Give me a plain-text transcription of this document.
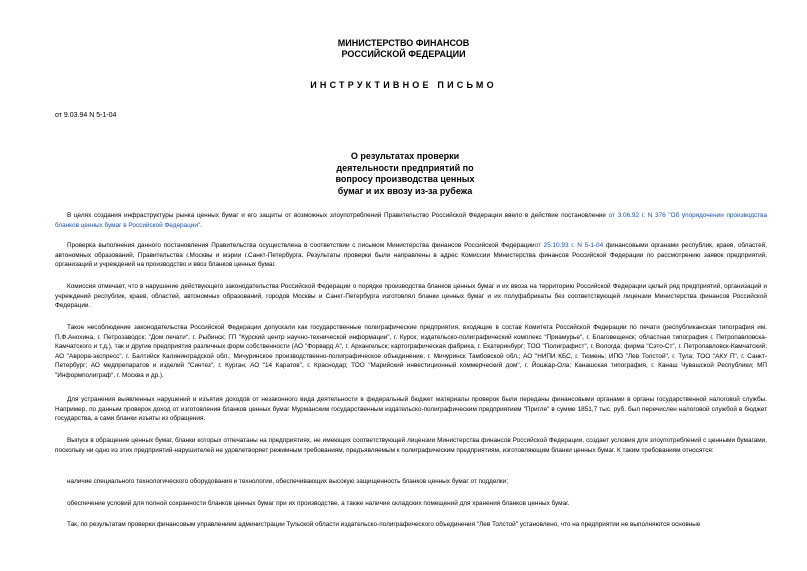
МИНИСТЕРСТВО ФИНАНСОВ
РОССИЙСКОЙ ФЕДЕРАЦИИ
ИНСТРУКТИВНОЕ ПИСЬМО
от 9.03.94 N 5-1-04
О результатах проверки
деятельности предприятий по
вопросу производства ценных
бумаг и их ввозу из-за рубежа
В целях создания инфраструктуры рынка ценных бумаг и его защиты от возможных злоупотреблений Правительство Российской Федерации ввело в действие постановление от 3.06.92 г. N 376 "Об упорядочении производства бланков ценных бумаг в Российской Федерации".
Проверка выполнения данного постановления Правительства осуществлена в соответствии с письмом Министерства финансов Российской Федерацииот 25.10.93 г. N 5-1-04 финансовыми органами республик, краев, областей, автономных образований, Правительства г.Москвы и мэрии г.Санкт-Петербурга. Результаты проверки были направлены в адрес Комиссии Министерства финансов Российской Федерации по рассмотрению заявок предприятий, организаций и учреждений на производство и ввоз бланков ценных бумаг.
Комиссия отмечает, что в нарушение действующего законодательства Российской Федерации о порядке производства бланков ценных бумаг и их ввоза на территорию Российской Федерации целый ряд предприятий, организаций и учреждений республик, краев, областей, автономных образований, городов Москвы и Санкт-Петербурга изготовлял бланки ценных бумаг и их полуфабрикаты без соответствующей лицензии Министерства финансов Российской Федерации.
Такое несоблюдение законодательства Российской Федерации допускали как государственные полиграфические предприятия, входящие в состав Комитета Российской Федерации по печати (республиканская типография им. П.Ф.Анохина, г. Петрозаводск; "Дом печати", г. Рыбинск; ГП "Курский центр научно-технической информации", г. Курск; издательско-полиграфический комплекс "Приамурье", г. Благовещенск; областная типография г. Петропавловска-Камчатского и т.д.), так и другие предприятия различных форм собственности (АО "Форвард А", г. Архангельск; картографическая фабрика, г. Екатеринбург; ТОО "Полиграфист", г. Вологда; фирма "Сэто-Ст", г. Петропавловск-Камчатский; АО "Аврора-экспресс", г. Балтийск Калининградской обл.; Мичуринское производственно-полиграфическое объединение, г. Мичуринск Тамбовской обл.; АО "НИПИ КБС, г. Тюмень; ИПО "Лев Толстой", г. Тула; ТОО "АКУ П", г. Санкт-Петербург; АО медпрепаратов и изделий "Синтез", г. Курган; АО "14 Каратов", г. Краснодар; ТОО "Марийский инвестиционный коммерческий дом", г. Йошкар-Ола; Канашская типография, г. Канаш Чувашской Республики; МП "Информполиграф", г. Москва и др.).
Для устранения выявленных нарушений и изъятия доходов от незаконного вида деятельности в федеральный бюджет материалы проверок были переданы финансовыми органами в органы государственной налоговой службы. Например, по данным проверок доход от изготовления бланков ценных бумаг Мурманским государственным издательско-полиграфическим предприятием "Пригле" в сумме 1851,7 тыс. руб. был перечислен налоговой службой в бюджет государства, а сами бланки изъяты из обращения.
Выпуск в обращение ценных бумаг, бланки которых отпечатаны на предприятиях, не имеющих соответствующей лицензии Министерства финансов Российской Федерации, создает условия для злоупотреблений с ценными бумагами, поскольку ни одно из этих предприятий-нарушителей не удовлетворяет режимным требованиям, предъявляемым к полиграфическим предприятиям, изготовляющим бланки ценных бумаг. К таким требованиям относятся:
наличие специального технологического оборудования и технологии, обеспечивающих высокую защищенность бланков ценных бумаг от подделки;
обеспечение условий для полной сохранности бланков ценных бумаг при их производстве, а также наличие складских помещений для хранения бланков ценных бумаг.
Так, по результатам проверки финансовым управлением администрации Тульской области издательско-полиграфического объединения "Лев Толстой" установлено, что на предприятии не выполняются основные
